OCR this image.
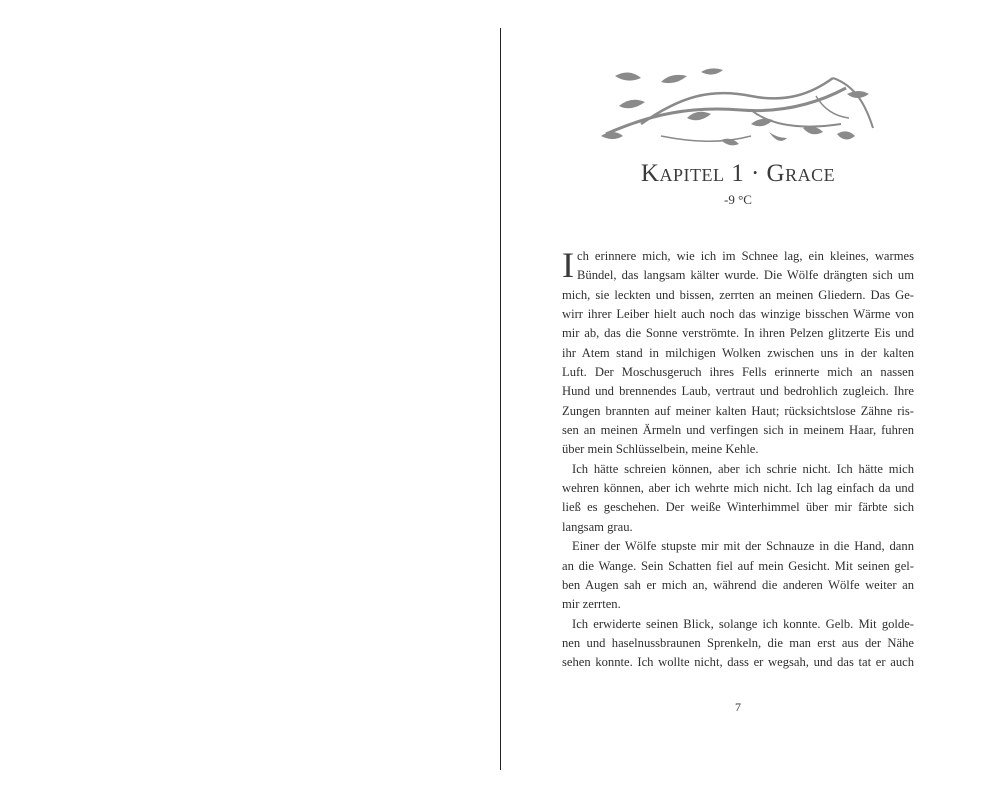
Kapitel 1 · Grace
-9 °C
I ch erinnere mich, wie ich im Schnee lag, ein kleines, warmes
Bündel, das langsam kälter wurde. Die Wölfe drängten sich um
mich, sie leckten und bissen, zerrten an meinen Gliedern. Das Ge-
wirr ihrer Leiber hielt auch noch das winzige bisschen Wärme von
mir ab, das die Sonne verströmte. In ihren Pelzen glitzerte Eis und
ihr Atem stand in milchigen Wolken zwischen uns in der kalten
Luft. Der Moschusgeruch ihres Fells erinnerte mich an nassen
Hund und brennendes Laub, vertraut und bedrohlich zugleich. Ihre
Zungen brannten auf meiner kalten Haut; rücksichtslose Zähne ris-
sen an meinen Ärmeln und verfingen sich in meinem Haar, fuhren
über mein Schlüsselbein, meine Kehle.
Ich hätte schreien können, aber ich schrie nicht. Ich hätte mich
wehren können, aber ich wehrte mich nicht. Ich lag einfach da und
ließ es geschehen. Der weiße Winterhimmel über mir färbte sich
langsam grau.
Einer der Wölfe stupste mir mit der Schnauze in die Hand, dann
an die Wange. Sein Schatten fiel auf mein Gesicht. Mit seinen gel-
ben Augen sah er mich an, während die anderen Wölfe weiter an
mir zerrten.
Ich erwiderte seinen Blick, solange ich konnte. Gelb. Mit golde-
nen und haselnussbraunen Sprenkeln, die man erst aus der Nähe
sehen konnte. Ich wollte nicht, dass er wegsah, und das tat er auch
7
